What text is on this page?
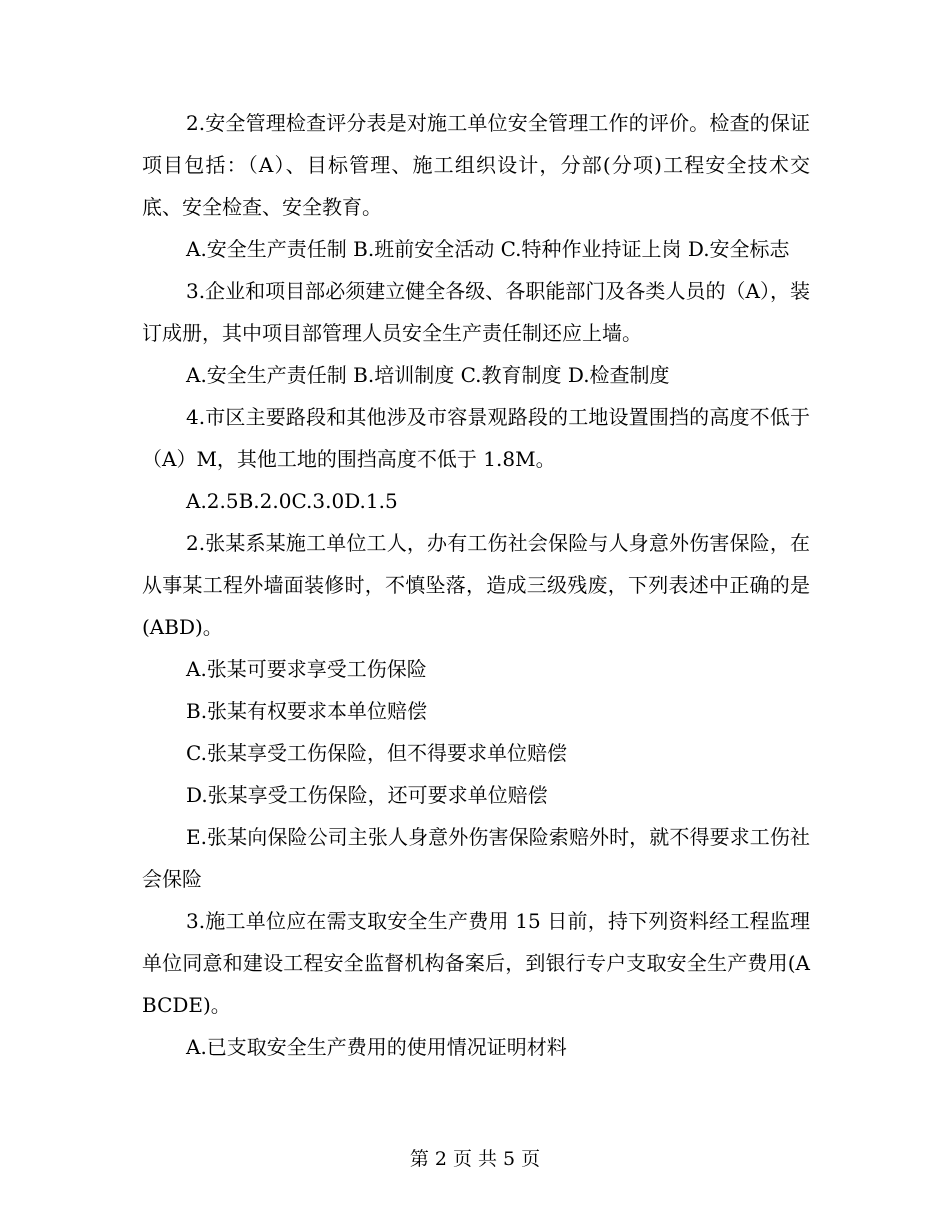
2.安全管理检查评分表是对施工单位安全管理工作的评价。检查的保证项目包括：（A）、目标管理、施工组织设计，分部(分项)工程安全技术交底、安全检查、安全教育。

A.安全生产责任制 B.班前安全活动 C.特种作业持证上岗 D.安全标志

3.企业和项目部必须建立健全各级、各职能部门及各类人员的（A），装订成册，其中项目部管理人员安全生产责任制还应上墙。

A.安全生产责任制 B.培训制度 C.教育制度 D.检查制度

4.市区主要路段和其他涉及市容景观路段的工地设置围挡的高度不低于（A）M，其他工地的围挡高度不低于 1.8M。

A.2.5B.2.0C.3.0D.1.5

2.张某系某施工单位工人，办有工伤社会保险与人身意外伤害保险，在从事某工程外墙面装修时，不慎坠落，造成三级残废，下列表述中正确的是(ABD)。

A.张某可要求享受工伤保险

B.张某有权要求本单位赔偿

C.张某享受工伤保险，但不得要求单位赔偿

D.张某享受工伤保险，还可要求单位赔偿

E.张某向保险公司主张人身意外伤害保险索赔外时，就不得要求工伤社会保险

3.施工单位应在需支取安全生产费用 15 日前，持下列资料经工程监理单位同意和建设工程安全监督机构备案后，到银行专户支取安全生产费用(ABCDE)。

A.已支取安全生产费用的使用情况证明材料

第 2 页 共 5 页
